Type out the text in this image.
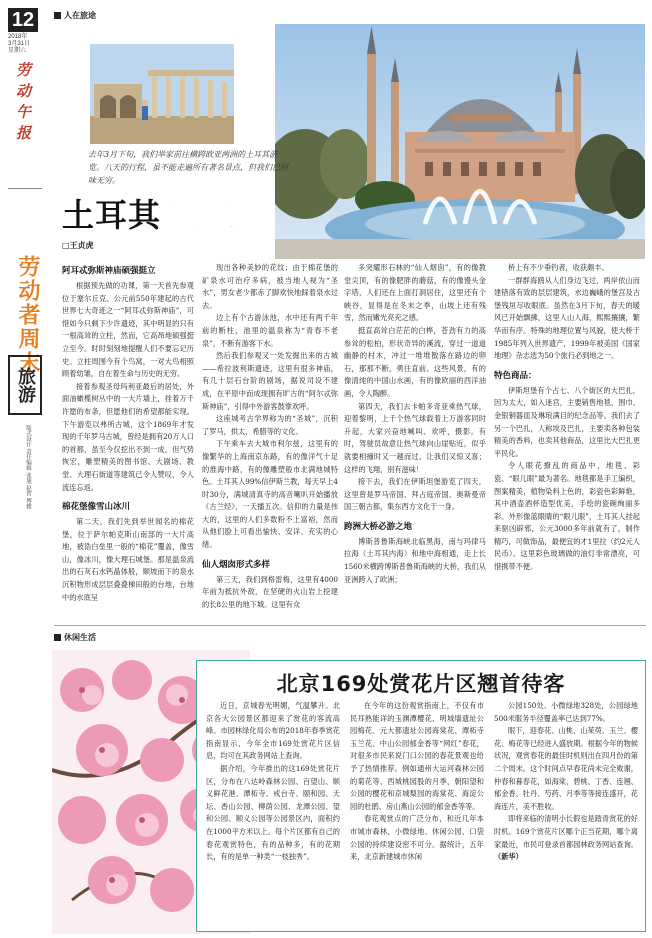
12
2018年
3月31日
星期六
劳动午报
劳动者周末
旅游
版式设计 责任编辑 张旭 赵智 博雅
人在旅途
去年3月下旬，我们举家前往横跨欧亚两洲的土耳其游览。八天的行程，虽不能走遍所有著名景点，但我们已回味无穷。
土耳其 采风记
□王贞虎
阿耳忒弥斯神庙硕强挺立

根据预先做的功课，第一天首先参观位于塞尔丘克、公元前550年建起的古代世界七大奇迹之一“阿耳忒弥斯神庙”，可惜如今只剩下少许遗迹，其中明显的只有一根高耸的立柱，然而，它高昂地硕强挺立至今。时时刻刻地提醒人们不要忘记历史。立柱周围今有个鸟窝，一对大鸟相照顾着幼雏，自在着生命与历史的无穷。

接着参观圣母玛利亚最后的居处，外面油橄榄树丛中的一大片墙上，挂着万千许愿的布条，但愿他们的希望都能实现。下午游览以弗所古城，这个1869年才发现的千年罗马古城，曾经是拥有20万人口的首都，虽至今仅挖出不到一成，但气势恢宏，雕塑精美的图书馆、大剧场、教堂、大理石街道等建筑已令人赞叹，令人流连忘返。

棉花堡像雪山冰川

第二天，我们先到举世闻名的棉花堡，位于萨尔帕克斯山南部的一大片高地，被诰白垒里一般的“棉花”覆盖，像雪山，像冰川，像大理石城堡。那是温泉流出的石灰石水钙晶体般，顺坡而下的泉水沉积物形成层层叠叠梯田般的台地，台地中的水底呈

现出各种美妙的花纹；由于棉花堡的矿泉水可治疗多病，被当地人视为“圣水”，男女老少都赤了脚欢快地踩着泉水过去。

边上有个古游泳池，水中还有两千年前的断柱，池里的温泉称为“青春不老泉”，不断有游客下水。

然后我们参观又一处发掘出来的古城——希拉波利斯遗迹，这里有很多神庙，有几十层石台阶的剧场，据说司设不建成，在平原中而成现拥有旷古的“阿尔忒弥斯神庙”，引得中外游客鼓掌欢呼。

这座城考古学界称为的“圣城”，沉积了罗马，拱太、希腊等的文化。

下午乘车去大城市利尔兹，这里有的像繁华的上海南京东路，有的像洋气十足的淮海中路，有的像雕塑般市北满地城特色。土耳其人99%信伊斯兰教，每天早上4时30分，满城清真寺的高音喇叭开始播放《古兰经》，一天播五次。信仰的力量是伟大的，这里的人们多数粉不上富裕，然而从他们脸上可看出愉快、安详、充实的心绪。

仙人烟囱形式多样

第三天，我们到格雷梅，这里有4000年前为抵抗外敌，在坚硬的火山岩上挖建的长8公里的地下城。这里有众

多突耀形石林的“仙人烟囱”，有的像教堂尖顶，有的像肥胖的蘑菇，有的像馒头金字塔，人们还在上面打洞居住，这里还有个峡谷，显得是在冬末之季，山坡上还有残雪，然而嫩光亮充之感。

挺直高耸白茫茫的白桦，苍劲有力的高参耸的松柏，形状奇异的溪流，穿过一道道幽静的村木，冲过一堆堆散落在路边的卵石，那那不断，勇往直前。这些风景，有的像清纯的中国山水画，有的像欧丽的西洋油画，令人陶醉。

第四天，我们去卡帕多奇亚乘热气球，迎着黎明，上千个热气球载着上万游客同时升起，大家兴奋地喊叫、欢呼，摄影。有时，驾驶员故意让热气球向山崖贴近，似乎就要相撞时又一越而过，让我们又惊又喜；这样的飞翔，别有滋味！

接下去，我们在伊斯坦堡游览了四天，这里曾是罗马帝国、拜占庭帝国、奥斯曼帝国三朝古都，集东西方文化于一身。

跨洲大桥必游之地

博斯普鲁斯海峡北临黑海，南与玛律马拉海（土耳其内海）和地中海相通，走上长1560米横跨博斯普鲁斯海峡的大桥，我们从亚洲跨入了欧洲；

桥上有不少垂钓者，收获颇丰。

一群群海鸥从人们身边飞过，两岸依山而建错落有致的层层建筑，水边巍峨的堡宫及古堡残垣尽收眼底。虽然在3月下旬，春天的暖风已开始飘拂，这里人山人海，熙熙攘攘，繁华而有序。特殊的地理位置与风貌，使大桥于1985年列入世界遗产，1999年被美国《国家地理》杂志选为50个旅行必到地之一。

特色商品：

伊斯坦堡有个占七、八个街区的大巴扎，因为太大，如入迷宫，主要销售地毯、围巾、金银铜器皿及琳琅满目的纪念品等。我们去了另一个巴扎，人称埃及巴扎，主要卖各种包装精美的香料，也卖其他商品，这里比大巴扎更平民化。

令人眼花撩乱的商品中，地毯、彩瓷、“眼儿眼”最为著名。地毯都是手工编织，图案精美，植物染料上色的，彩瓷色彩鲜艳，其中酒壶酒杯造型优美，手绘的瓷碗绚丽多彩。外形像蓝眼睛的“眼儿眼”，土耳其人挂起来驱凶辟邪，公元3000多年前就有了，制作精巧，可做饰品，最便宜的才1里拉（约2元人民币）。这里彩色玻璃做的油灯非常漂亮，可惜携带不便。

休闲生活
北京169处赏花片区翘首待客

近日，京城春光明媚，气温攀升。北京各大公园景区都迎来了赏花的客流高峰。市园林绿化局公布的2018年春季赏花指南显示，今年全市169处赏花片区信息，均可在其政务网站上查询。

据介绍，今年推出的这169处赏花片区，分布在八达岭森林公园、百望山、顺义鲜花港、潭柘寺、戒台寺、颐和园、天坛、香山公园、柳荫公园、龙潭公园、望和公园、顺义公园等公园景区内，面积约在1000平方米以上。每个片区都有自己的春花观赏特色，有的品种多，有的花期长，有的是单一种类“一枝独秀”。

在今年的这份观赏指南上，不仅有市民耳熟能详的玉渊潭樱花、明城墙遗址公园梅花、元大都遗址公园海棠花、潭柘寺玉兰花、中山公园郁金香等“网红”春花，对很多市民来说门口公园的春花景观也给予了热情推荐。例如通州大运河森林公园的菊花等、西城桃园股的月季，朝阳望和公园的樱花和京城梨园的海棠花、海淀公园的杜鹃、房山燕山公园的郁金香等等。

春花观赏点的广泛分布，和近几年本市城市森林、小微绿地、休闲公园、口袋公园的持续建设密不可分。据统计，五年来，北京新建城市休闲

公园150处、小微绿地328处，公园绿地500米服务半径覆盖率已达到77%。

眼下，迎春花、山桃、山茱萸、玉兰、樱花、梅花等已经进入盛放期。根据今年的物候状况，观赏春花的最佳时机则出在四月份的第二个周末。这个时间点早春花尚未完全败谢，仲春和暮春花，如海棠、碧桃、丁香、连翘、郁金香、牡丹、芍药、月季等等接连盛开，花海连片，美不胜收。

即将来临的清明小长假也是踏青赏花的好时机。169个赏花片区哪个正当花期，哪个离家最近，市民可登录首都园林政务网站查询。 （新华）
